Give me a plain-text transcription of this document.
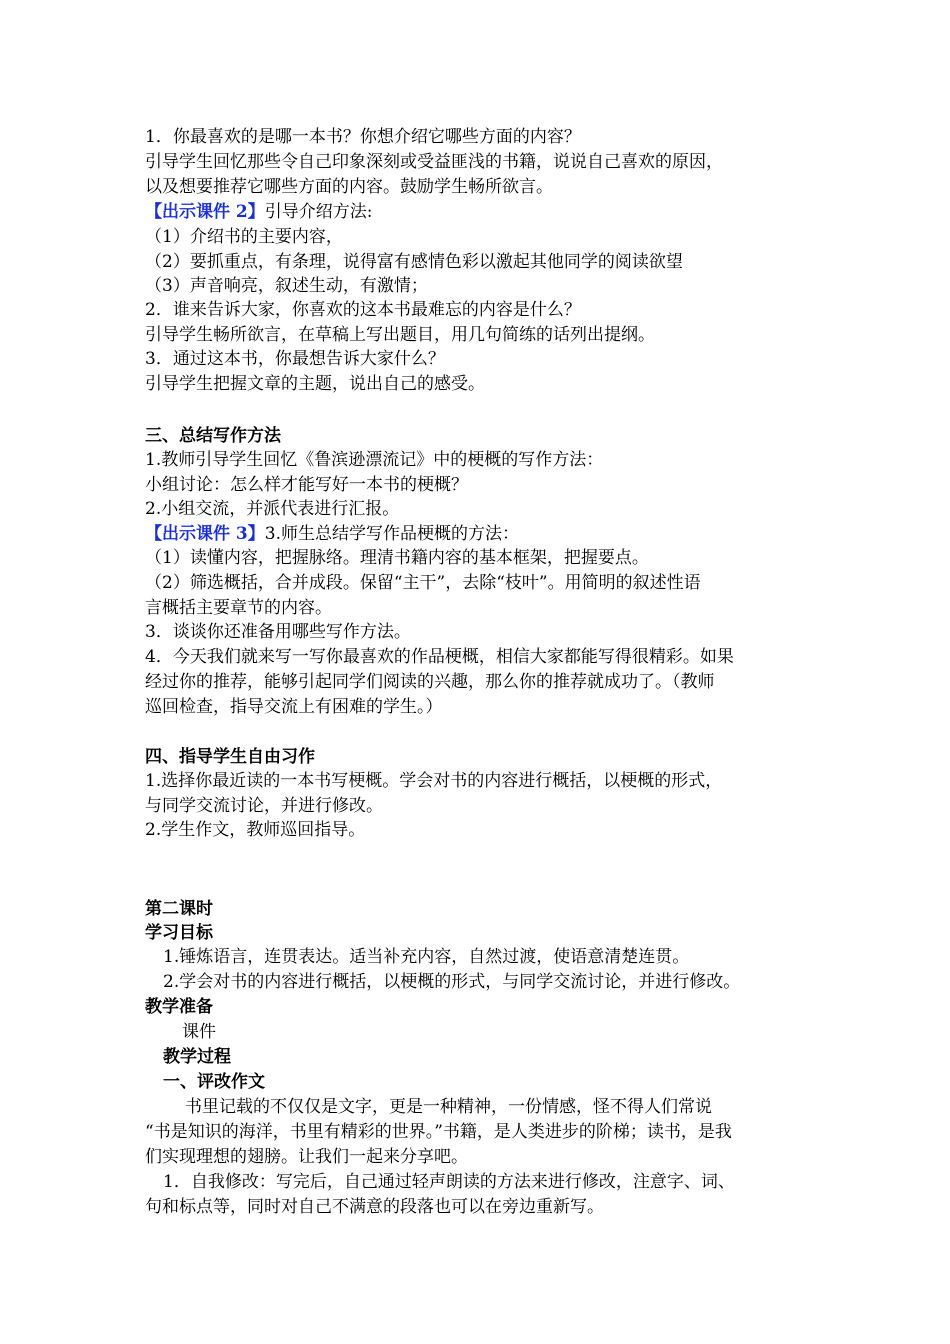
1．你最喜欢的是哪一本书？你想介绍它哪些方面的内容？
引导学生回忆那些令自己印象深刻或受益匪浅的书籍，说说自己喜欢的原因，
以及想要推荐它哪些方面的内容。鼓励学生畅所欲言。
【出示课件 2】引导介绍方法:
（1）介绍书的主要内容，
（2）要抓重点，有条理，说得富有感情色彩以激起其他同学的阅读欲望
（3）声音响亮，叙述生动，有激情；
2．谁来告诉大家，你喜欢的这本书最难忘的内容是什么？
引导学生畅所欲言，在草稿上写出题目，用几句简练的话列出提纲。
3．通过这本书，你最想告诉大家什么？
引导学生把握文章的主题，说出自己的感受。
三、总结写作方法
1.教师引导学生回忆《鲁滨逊漂流记》中的梗概的写作方法：
小组讨论：怎么样才能写好一本书的梗概？
2.小组交流，并派代表进行汇报。
【出示课件 3】3.师生总结学写作品梗概的方法：
（1）读懂内容，把握脉络。理清书籍内容的基本框架，把握要点。
（2）筛选概括，合并成段。保留“主干”，去除“枝叶”。用简明的叙述性语
言概括主要章节的内容。
3．谈谈你还准备用哪些写作方法。
4．今天我们就来写一写你最喜欢的作品梗概，相信大家都能写得很精彩。如果
经过你的推荐，能够引起同学们阅读的兴趣，那么你的推荐就成功了。（教师
巡回检查，指导交流上有困难的学生。）
四、指导学生自由习作
1.选择你最近读的一本书写梗概。学会对书的内容进行概括，以梗概的形式，
与同学交流讨论，并进行修改。
2.学生作文，教师巡回指导。
第二课时
学习目标
1.锤炼语言，连贯表达。适当补充内容，自然过渡，使语意清楚连贯。
2.学会对书的内容进行概括，以梗概的形式，与同学交流讨论，并进行修改。
教学准备
课件
教学过程
一、评改作文
书里记载的不仅仅是文字，更是一种精神，一份情感，怪不得人们常说
“书是知识的海洋，书里有精彩的世界。”书籍，是人类进步的阶梯；读书，是我
们实现理想的翅膀。让我们一起来分享吧。
1．自我修改：写完后，自己通过轻声朗读的方法来进行修改，注意字、词、
句和标点等，同时对自己不满意的段落也可以在旁边重新写。
